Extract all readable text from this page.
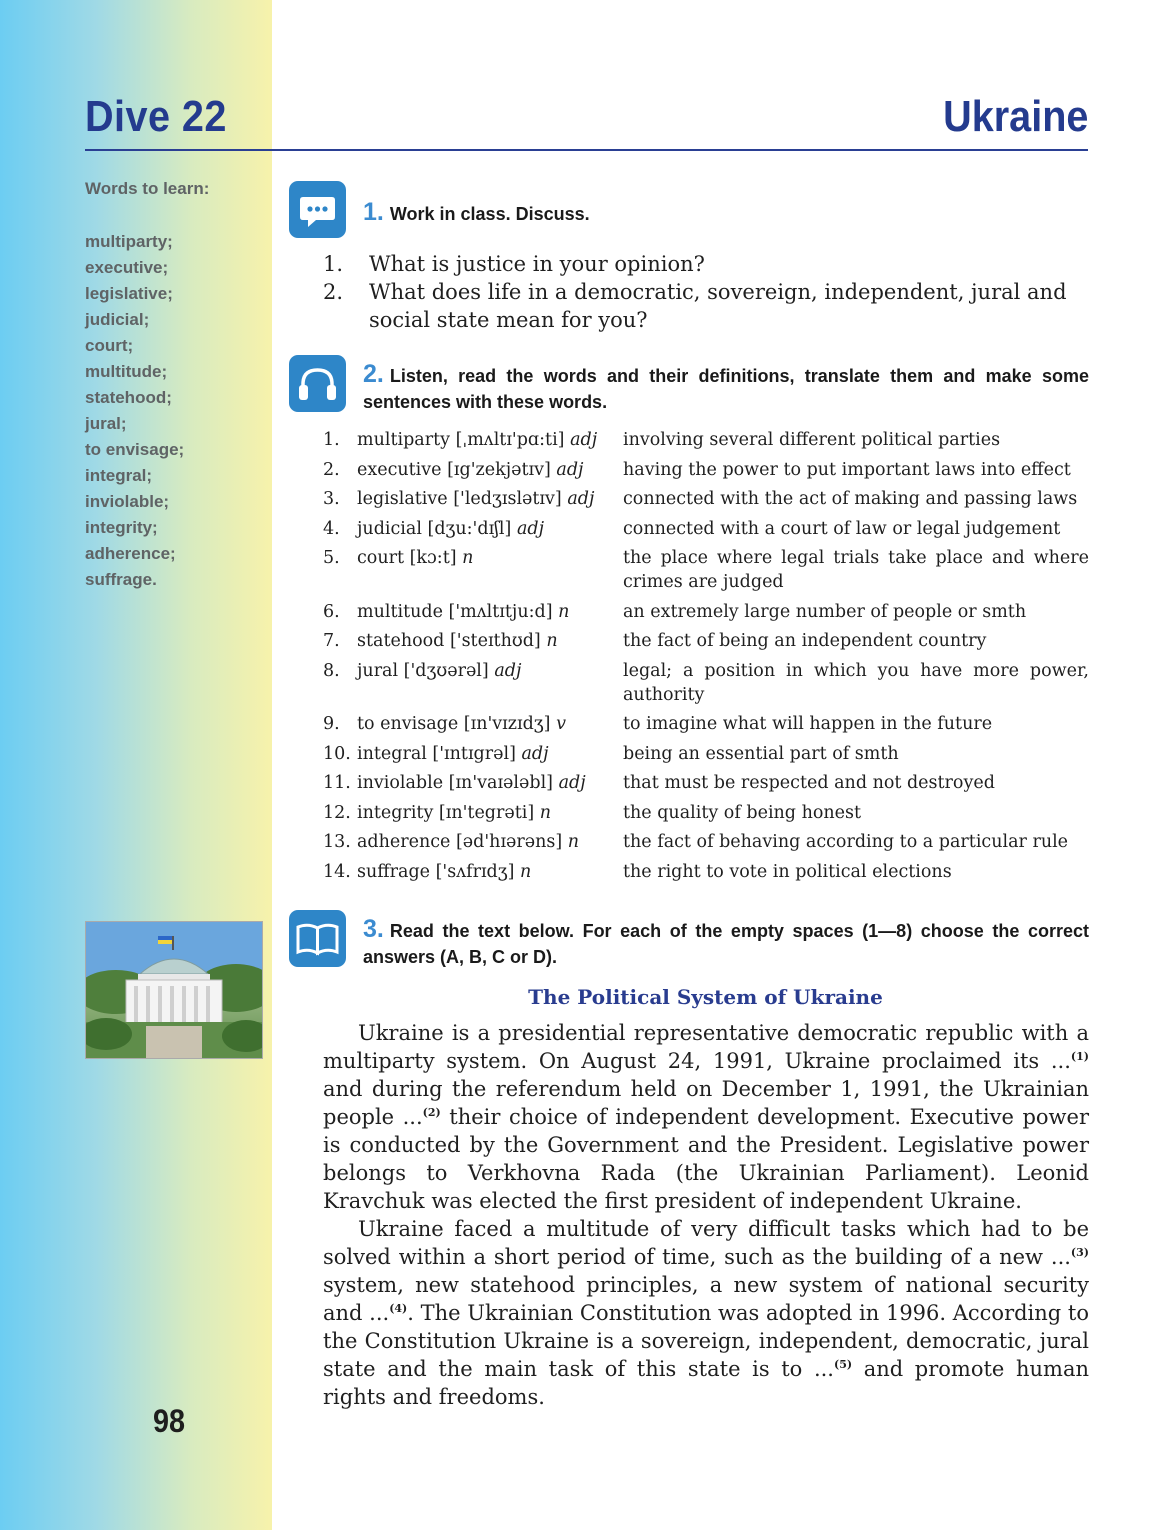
Dive 22	Ukraine
Words to learn:
multiparty;
executive;
legislative;
judicial;
court;
multitude;
statehood;
jural;
to envisage;
integral;
inviolable;
integrity;
adherence;
suffrage.
98
1. Work in class. Discuss.
1.	What is justice in your opinion?
2.	What does life in a democratic, sovereign, independent, jural and social state mean for you?
2. Listen, read the words and their definitions, translate them and make some sentences with these words.
1.	multiparty [ˌmʌltɪ'pɑ:ti] adj	involving several different political parties
2.	executive [ɪg'zekjətɪv] adj	having the power to put important laws into effect
3.	legislative ['ledʒɪslətɪv] adj	connected with the act of making and passing laws
4.	judicial [dʒu:'dɪʃl] adj	connected with a court of law or legal judgement
5.	court [kɔ:t] n	the place where legal trials take place and where crimes are judged
6.	multitude ['mʌltɪtju:d] n	an extremely large number of people or smth
7.	statehood ['steɪthʊd] n	the fact of being an independent country
8.	jural ['dʒʊərəl] adj	legal; a position in which you have more power, authority
9.	to envisage [ɪn'vɪzɪdʒ] v	to imagine what will happen in the future
10.	integral ['ɪntɪgrəl] adj	being an essential part of smth
11.	inviolable [ɪn'vaɪələbl] adj	that must be respected and not destroyed
12.	integrity [ɪn'tegrəti] n	the quality of being honest
13.	adherence [əd'hɪərəns] n	the fact of behaving according to a particular rule
14.	suffrage ['sʌfrɪdʒ] n	the right to vote in political elections
3. Read the text below. For each of the empty spaces (1—8) choose the correct answers (A, B, C or D).
The Political System of Ukraine

Ukraine is a presidential representative democratic republic with a multiparty system. On August 24, 1991, Ukraine proclaimed its ...$^{(1)}$ and during the referendum held on December 1, 1991, the Ukrainian people ...$^{(2)}$ their choice of independent development. Executive power is conducted by the Government and the President. Legislative power belongs to Verkhovna Rada (the Ukrainian Parliament). Leonid Kravchuk was elected the first president of independent Ukraine.

Ukraine faced a multitude of very difficult tasks which had to be solved within a short period of time, such as the building of a new ...$^{(3)}$ system, new statehood principles, a new system of national security and ...$^{(4)}$. The Ukrainian Constitution was adopted in 1996. According to the Constitution Ukraine is a sovereign, independent, democratic, jural state and the main task of this state is to ...$^{(5)}$ and promote human rights and freedoms.
